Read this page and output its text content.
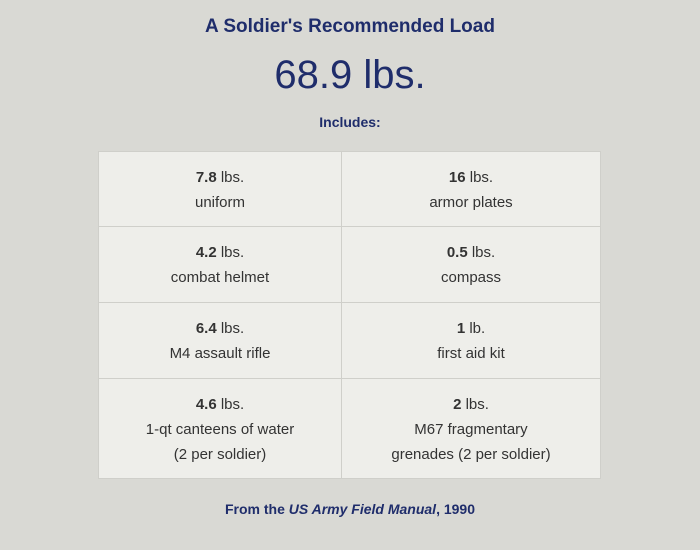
A Soldier's Recommended Load
68.9 lbs.
Includes:
7.8 lbs.
uniform
16 lbs.
armor plates
4.2 lbs.
combat helmet
0.5 lbs.
compass
6.4 lbs.
M4 assault rifle
1 lb.
first aid kit
4.6 lbs.
1-qt canteens of water
(2 per soldier)
2 lbs.
M67 fragmentary
grenades (2 per soldier)
From the US Army Field Manual, 1990
